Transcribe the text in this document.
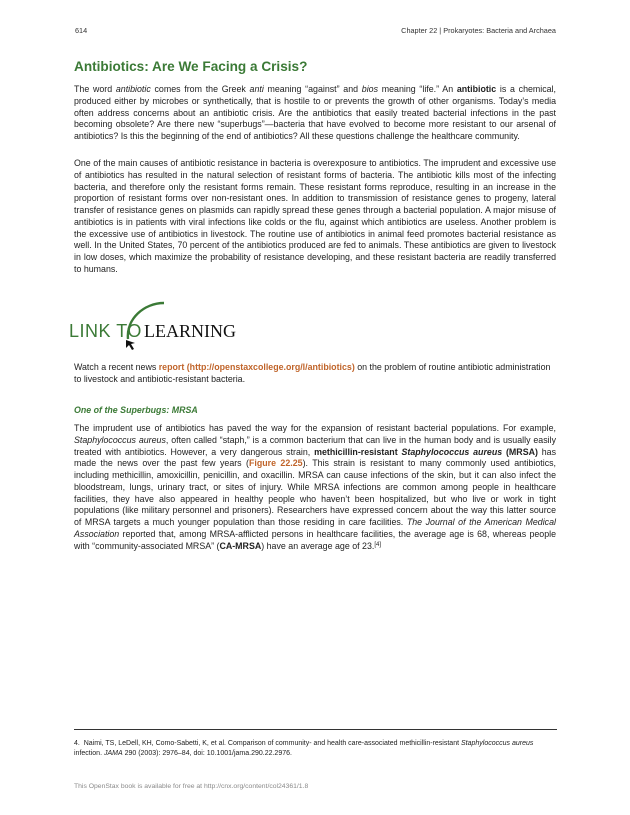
614	Chapter 22 | Prokaryotes: Bacteria and Archaea
Antibiotics: Are We Facing a Crisis?

The word antibiotic comes from the Greek anti meaning “against” and bios meaning “life.” An antibiotic is a chemical, produced either by microbes or synthetically, that is hostile to or prevents the growth of other organisms. Today’s media often address concerns about an antibiotic crisis. Are the antibiotics that easily treated bacterial infections in the past becoming obsolete? Are there new “superbugs”—bacteria that have evolved to become more resistant to our arsenal of antibiotics? Is this the beginning of the end of antibiotics? All these questions challenge the healthcare community.

One of the main causes of antibiotic resistance in bacteria is overexposure to antibiotics. The imprudent and excessive use of antibiotics has resulted in the natural selection of resistant forms of bacteria. The antibiotic kills most of the infecting bacteria, and therefore only the resistant forms remain. These resistant forms reproduce, resulting in an increase in the proportion of resistant forms over non-resistant ones. In addition to transmission of resistance genes to progeny, lateral transfer of resistance genes on plasmids can rapidly spread these genes through a bacterial population. A major misuse of antibiotics is in patients with viral infections like colds or the flu, against which antibiotics are useless. Another problem is the excessive use of antibiotics in livestock. The routine use of antibiotics in animal feed promotes bacterial resistance as well. In the United States, 70 percent of the antibiotics produced are fed to animals. These antibiotics are given to livestock in low doses, which maximize the probability of resistance developing, and these resistant bacteria are readily transferred to humans.

LINK TO LEARNING

Watch a recent news report (http://openstaxcollege.org/l/antibiotics) on the problem of routine antibiotic administration to livestock and antibiotic-resistant bacteria.

One of the Superbugs: MRSA

The imprudent use of antibiotics has paved the way for the expansion of resistant bacterial populations. For example, Staphylococcus aureus, often called “staph,” is a common bacterium that can live in the human body and is usually easily treated with antibiotics. However, a very dangerous strain, methicillin-resistant Staphylococcus aureus (MRSA) has made the news over the past few years (Figure 22.25). This strain is resistant to many commonly used antibiotics, including methicillin, amoxicillin, penicillin, and oxacillin. MRSA can cause infections of the skin, but it can also infect the bloodstream, lungs, urinary tract, or sites of injury. While MRSA infections are common among people in healthcare facilities, they have also appeared in healthy people who haven’t been hospitalized, but who live or work in tight populations (like military personnel and prisoners). Researchers have expressed concern about the way this latter source of MRSA targets a much younger population than those residing in care facilities. The Journal of the American Medical Association reported that, among MRSA-afflicted persons in healthcare facilities, the average age is 68, whereas people with “community-associated MRSA” (CA-MRSA) have an average age of 23.[4]

4. Naimi, TS, LeDell, KH, Como-Sabetti, K, et al. Comparison of community- and health care-associated methicillin-resistant Staphylococcus aureus infection. JAMA 290 (2003): 2976–84, doi: 10.1001/jama.290.22.2976.
This OpenStax book is available for free at http://cnx.org/content/col24361/1.8
